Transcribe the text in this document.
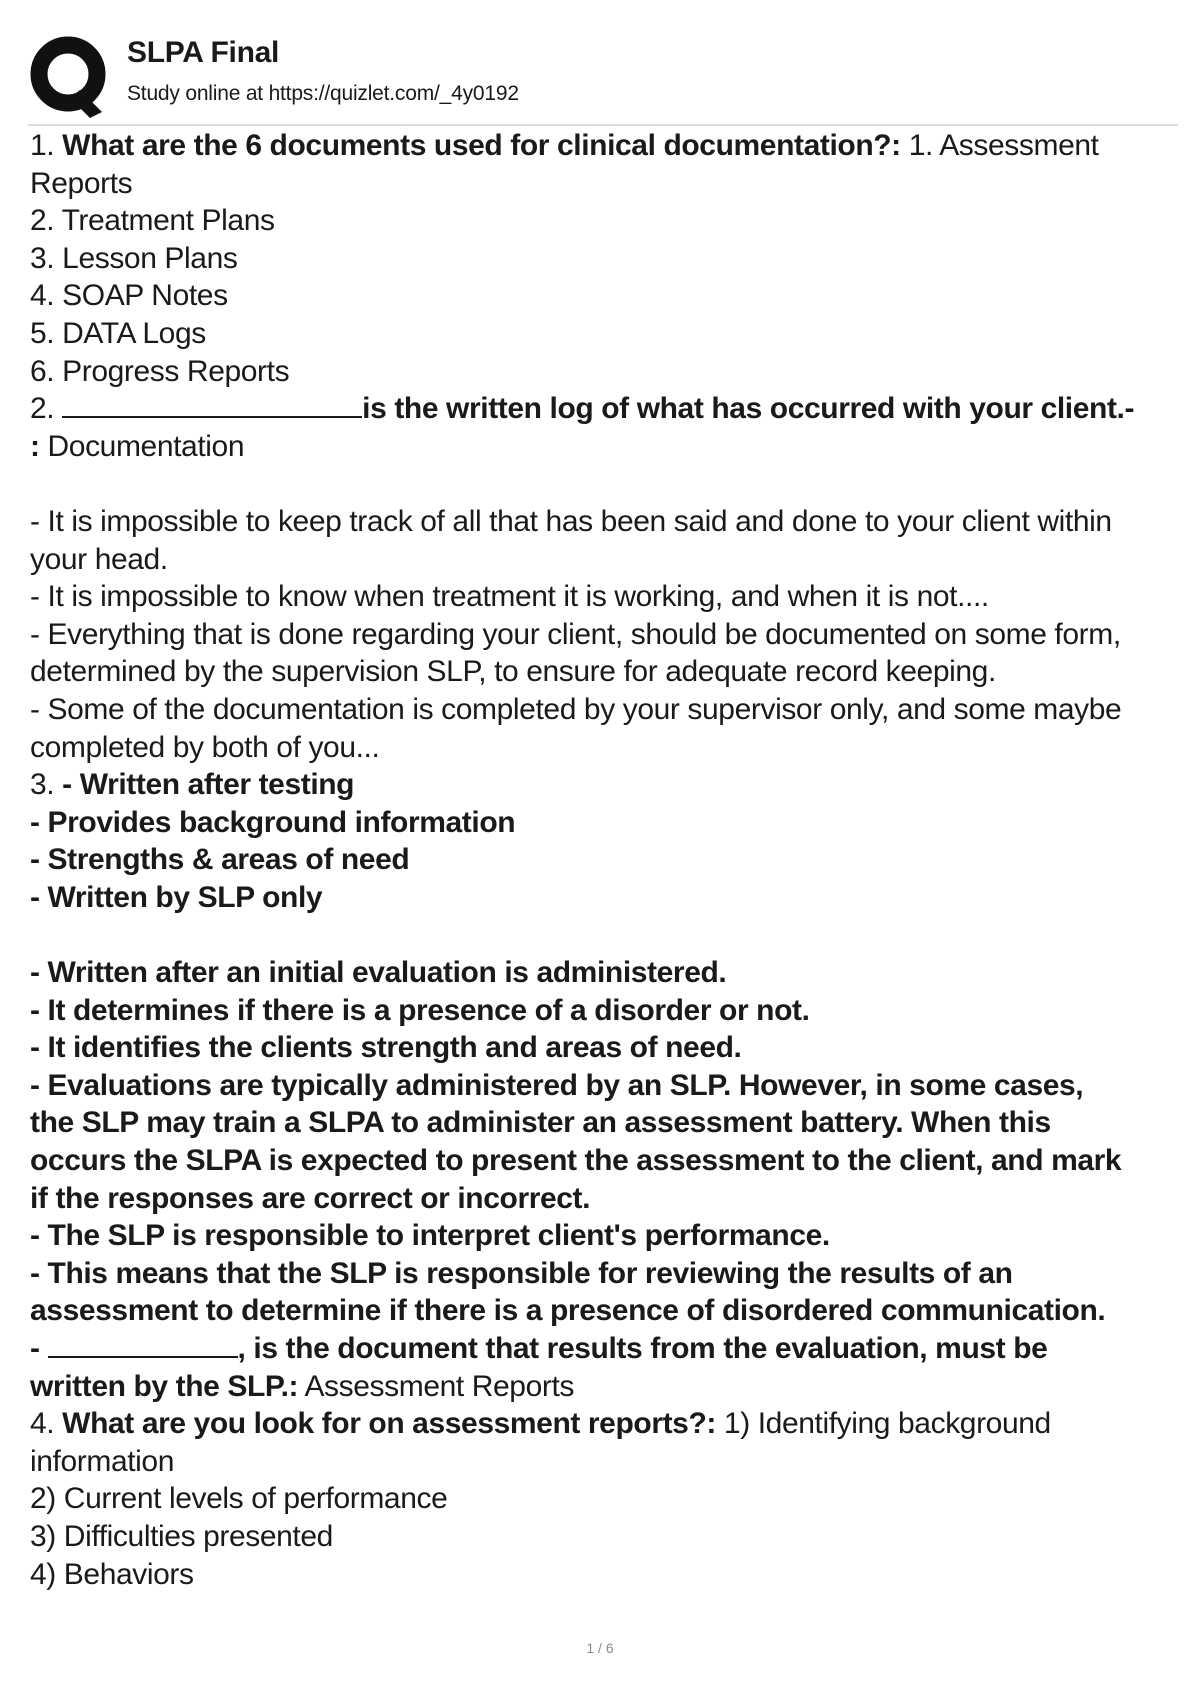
SLPA Final
Study online at https://quizlet.com/_4y0192
1. What are the 6 documents used for clinical documentation?: 1. Assessment
Reports
2. Treatment Plans
3. Lesson Plans
4. SOAP Notes
5. DATA Logs
6. Progress Reports
2.	is the written log of what has occurred with your client.-
: Documentation
- It is impossible to keep track of all that has been said and done to your client within
your head.
- It is impossible to know when treatment it is working, and when it is not....
- Everything that is done regarding your client, should be documented on some form,
determined by the supervision SLP, to ensure for adequate record keeping.
- Some of the documentation is completed by your supervisor only, and some maybe
completed by both of you...
3. - Written after testing
- Provides background information
- Strengths & areas of need
- Written by SLP only
- Written after an initial evaluation is administered.
- It determines if there is a presence of a disorder or not.
- It identifies the clients strength and areas of need.
- Evaluations are typically administered by an SLP. However, in some cases,
the SLP may train a SLPA to administer an assessment battery. When this
occurs the SLPA is expected to present the assessment to the client, and mark
if the responses are correct or incorrect.
- The SLP is responsible to interpret client's performance.
- This means that the SLP is responsible for reviewing the results of an
assessment to determine if there is a presence of disordered communication.
-	, is the document that results from the evaluation, must be
written by the SLP.: Assessment Reports
4. What are you look for on assessment reports?: 1) Identifying background
information
2) Current levels of performance
3) Difficulties presented
4) Behaviors
1 / 6
